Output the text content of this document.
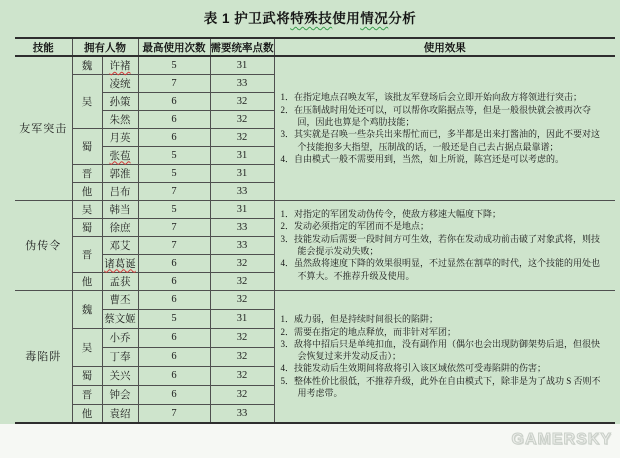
表 1 护卫武将特殊技使用情况分析
技能	拥有人物		最高使用次数	需要统率点数	使用效果
友军突击	魏	许褚	5	31	1．在指定地点召唤友军，该批友军登场后会立即开始向敌方将领进行突击；
2．在压制战时用处还可以，可以帮你攻陷据点等，但是一般很快就会被再次夺回，因此也算是个鸡肋技能；
3．其实就是召唤一些杂兵出来帮忙而已，多半都是出来打酱油的，因此不要对这个技能抱多大指望，压制战的话，一般还是自己去占据点最靠谱；
4．自由模式一般不需要用到，当然，如上所说，陈宫还是可以考虑的。

	吴	凌统	7	33	
		孙策	6	32	
		朱然	6	32	
	蜀	月英	6	32	
		张苞	5	31	
	晋	郭淮	5	31	
	他	吕布	7	33	
伪传令	吴	韩当	5	31	1．对指定的军团发动伪传令，使敌方移速大幅度下降；
2．发动必须指定的军团而不是地点；
3．技能发动后需要一段时间方可生效，若你在发动成功前击破了对象武将，则技能会提示发动失败；
4．虽然敌将速度下降的效果很明显，不过显然在割草的时代，这个技能的用处也不算大。不推荐升级及使用。

	蜀	徐庶	7	33	
	晋	邓艾	7	33	
		诸葛诞	6	32	
	他	孟获	6	32	
毒陷阱	魏	曹丕	6	32	1．威力弱，但是持续时间很长的陷阱；
2．需要在指定的地点释放，而非针对军团；
3．敌将中招后只是单纯扣血，没有副作用（偶尔也会出现防御架势后退，但很快会恢复过来并发动反击）；
4．技能发动后生效期间将敌将引入该区域依然可受毒陷阱的伤害；
5．整体性价比很低，不推荐升级，此外在自由模式下，除非是为了战功 S 否则不用考虑带。

		蔡文姬	5	31	
	吴	小乔	6	32	
		丁奉	6	32	
	蜀	关兴	6	32	
	晋	钟会	6	32	
	他	袁绍	7	33	
GAMERSKY
